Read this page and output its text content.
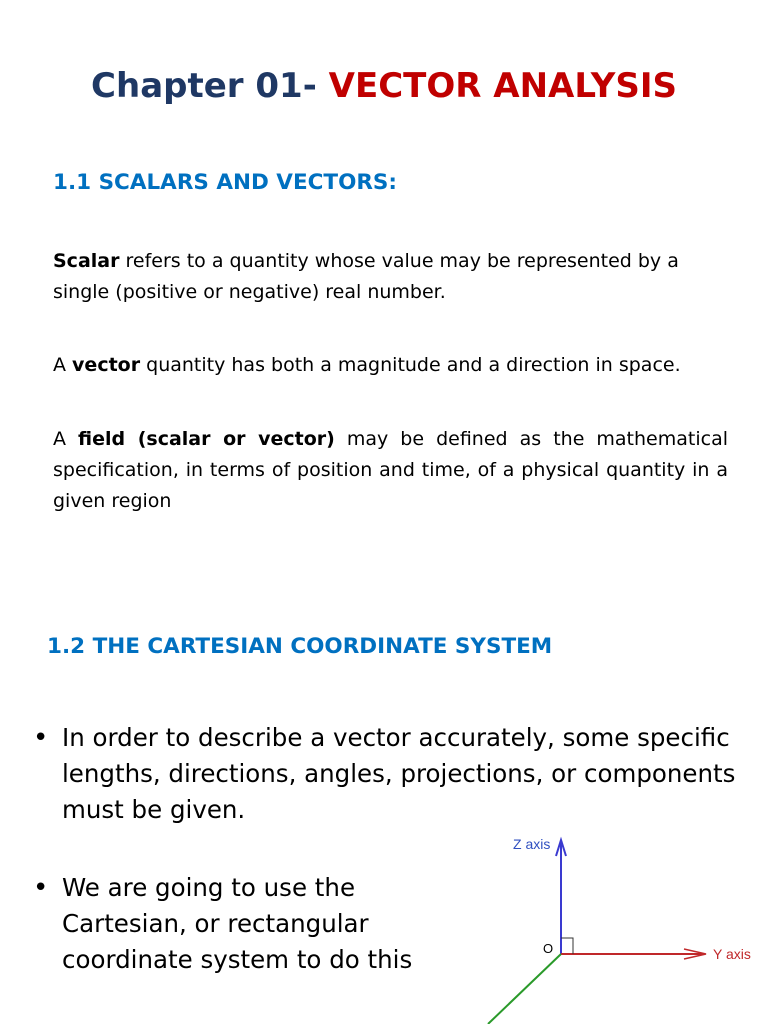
Chapter 01- VECTOR ANALYSIS
1.1 SCALARS AND VECTORS:

Scalar refers to a quantity whose value may be represented by a single (positive or negative) real number.

A vector quantity has both a magnitude and a direction in space.

A field (scalar or vector) may be defined as the mathematical specification, in terms of position and time, of a physical quantity in a given region

1.2 THE CARTESIAN COORDINATE SYSTEM

• In order to describe a vector accurately, some specific lengths, directions, angles, projections, or components must be given.

• We are going to use the Cartesian, or rectangular coordinate system to do this

Z axis
Y axis
O
